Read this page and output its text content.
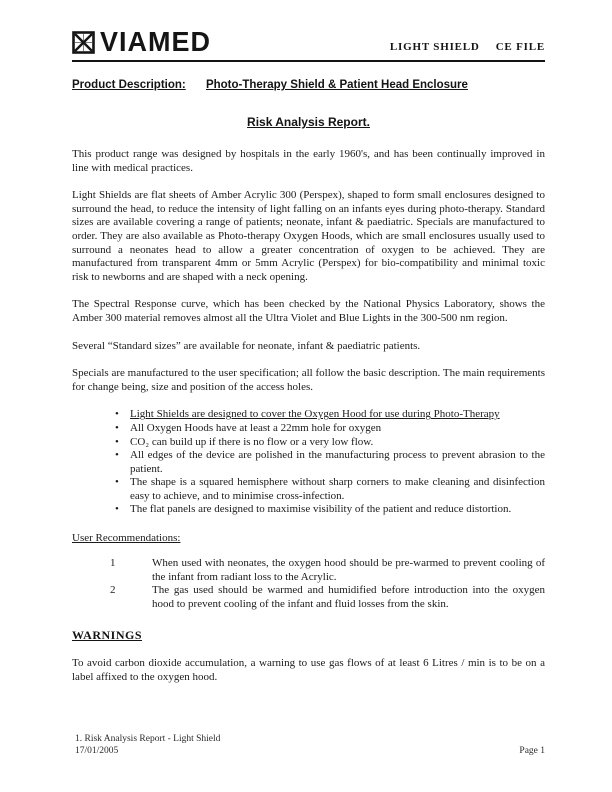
VIAMED	LIGHT SHIELD CE FILE
Product Description: Photo-Therapy Shield & Patient Head Enclosure
Risk Analysis Report.

This product range was designed by hospitals in the early 1960's, and has been continually improved in line with medical practices.

Light Shields are flat sheets of Amber Acrylic 300 (Perspex), shaped to form small enclosures designed to surround the head, to reduce the intensity of light falling on an infants eyes during photo-therapy. Standard sizes are available covering a range of patients; neonate, infant & paediatric. Specials are manufactured to order. They are also available as Photo-therapy Oxygen Hoods, which are small enclosures usually used to surround a neonates head to allow a greater concentration of oxygen to be achieved. They are manufactured from transparent 4mm or 5mm Acrylic (Perspex) for bio-compatibility and minimal toxic risk to newborns and are shaped with a neck opening.

The Spectral Response curve, which has been checked by the National Physics Laboratory, shows the Amber 300 material removes almost all the Ultra Violet and Blue Lights in the 300-500 nm region.

Several “Standard sizes” are available for neonate, infant & paediatric patients.

Specials are manufactured to the user specification; all follow the basic description. The main requirements for change being, size and position of the access holes.

• Light Shields are designed to cover the Oxygen Hood for use during Photo-Therapy
• All Oxygen Hoods have at least a 22mm hole for oxygen
• CO₂ can build up if there is no flow or a very low flow.
• All edges of the device are polished in the manufacturing process to prevent abrasion to the patient.
• The shape is a squared hemisphere without sharp corners to make cleaning and disinfection easy to achieve, and to minimise cross-infection.
• The flat panels are designed to maximise visibility of the patient and reduce distortion.
User Recommendations:
1	When used with neonates, the oxygen hood should be pre-warmed to prevent cooling of the infant from radiant loss to the Acrylic.
2	The gas used should be warmed and humidified before introduction into the oxygen hood to prevent cooling of the infant and fluid losses from the skin.
WARNINGS

To avoid carbon dioxide accumulation, a warning to use gas flows of at least 6 Litres / min is to be on a label affixed to the oxygen hood.

1. Risk Analysis Report - Light Shield
17/01/2005	Page 1
